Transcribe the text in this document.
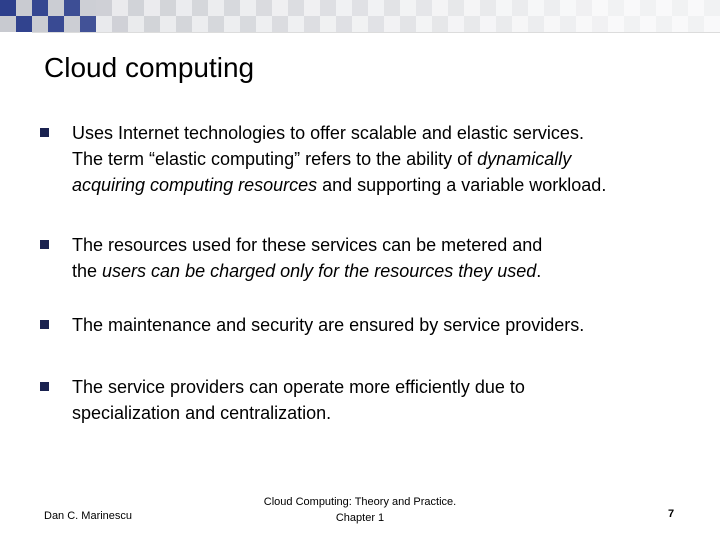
Cloud computing
Uses Internet technologies to offer scalable and elastic services.
The term “elastic computing” refers to the ability of dynamically
acquiring computing resources and supporting a variable workload.
The resources used for these services can be metered and
the users can be charged only for the resources they used.
The maintenance and security are ensured by service providers.
The service providers can operate more efficiently due to
specialization and centralization.
Dan C. Marinescu
Cloud Computing: Theory and Practice.
Chapter 1	7
